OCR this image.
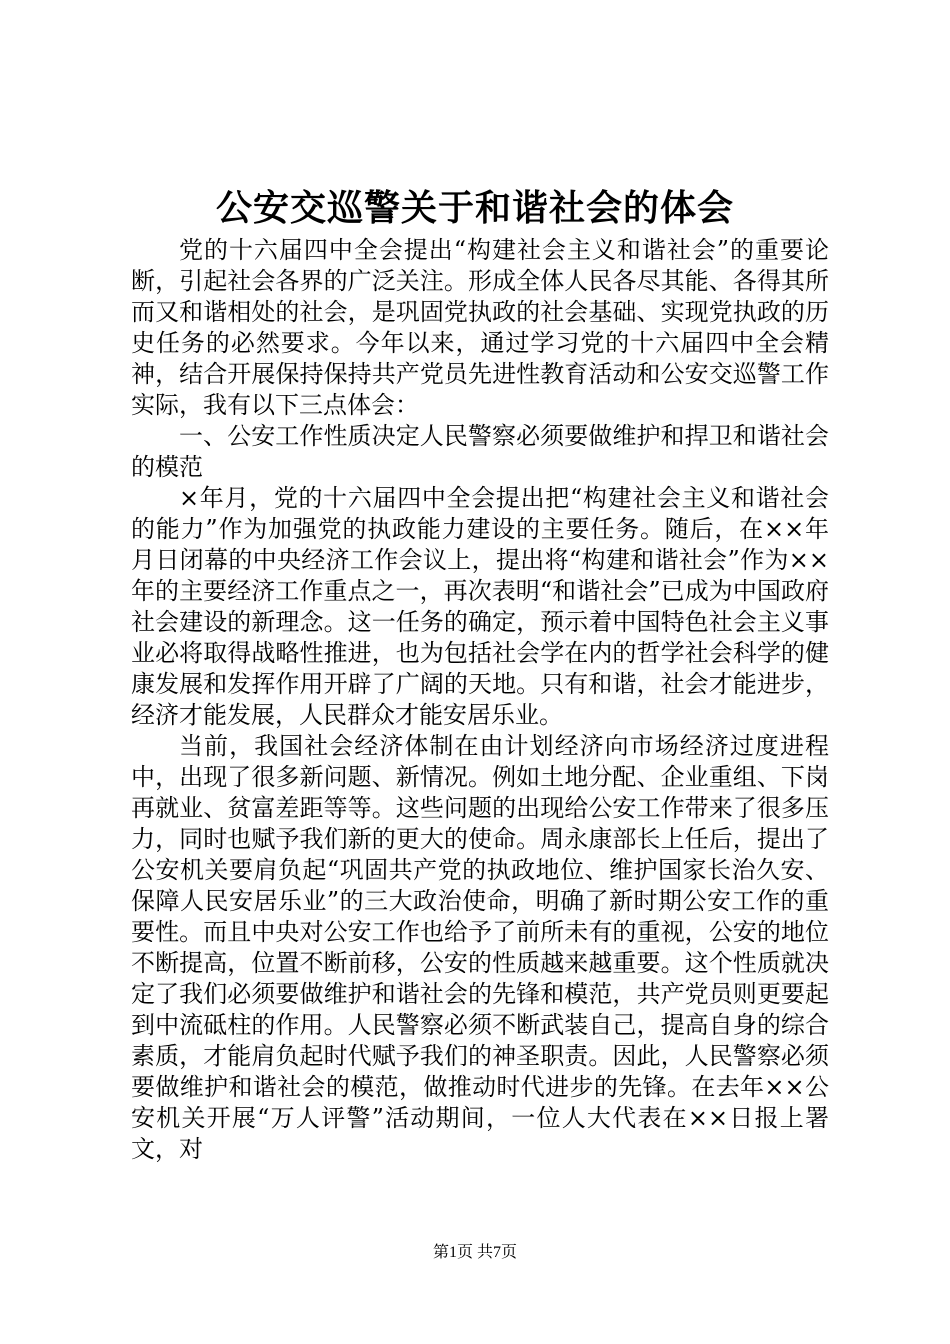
公安交巡警关于和谐社会的体会

党的十六届四中全会提出“构建社会主义和谐社会”的重要论断，引起社会各界的广泛关注。形成全体人民各尽其能、各得其所而又和谐相处的社会，是巩固党执政的社会基础、实现党执政的历史任务的必然要求。今年以来，通过学习党的十六届四中全会精神，结合开展保持保持共产党员先进性教育活动和公安交巡警工作实际，我有以下三点体会：

一、公安工作性质决定人民警察必须要做维护和捍卫和谐社会的模范

×年月，党的十六届四中全会提出把“构建社会主义和谐社会的能力”作为加强党的执政能力建设的主要任务。随后，在××年月日闭幕的中央经济工作会议上，提出将“构建和谐社会”作为××年的主要经济工作重点之一，再次表明“和谐社会”已成为中国政府社会建设的新理念。这一任务的确定，预示着中国特色社会主义事业必将取得战略性推进，也为包括社会学在内的哲学社会科学的健康发展和发挥作用开辟了广阔的天地。只有和谐，社会才能进步，经济才能发展，人民群众才能安居乐业。

当前，我国社会经济体制在由计划经济向市场经济过度进程中，出现了很多新问题、新情况。例如土地分配、企业重组、下岗再就业、贫富差距等等。这些问题的出现给公安工作带来了很多压力，同时也赋予我们新的更大的使命。周永康部长上任后，提出了公安机关要肩负起“巩固共产党的执政地位、维护国家长治久安、保障人民安居乐业”的三大政治使命，明确了新时期公安工作的重要性。而且中央对公安工作也给予了前所未有的重视，公安的地位不断提高，位置不断前移，公安的性质越来越重要。这个性质就决定了我们必须要做维护和谐社会的先锋和模范，共产党员则更要起到中流砥柱的作用。人民警察必须不断武装自己，提高自身的综合素质，才能肩负起时代赋予我们的神圣职责。因此，人民警察必须要做维护和谐社会的模范，做推动时代进步的先锋。在去年××公安机关开展“万人评警”活动期间，一位人大代表在××日报上署文，对

第1页 共7页
